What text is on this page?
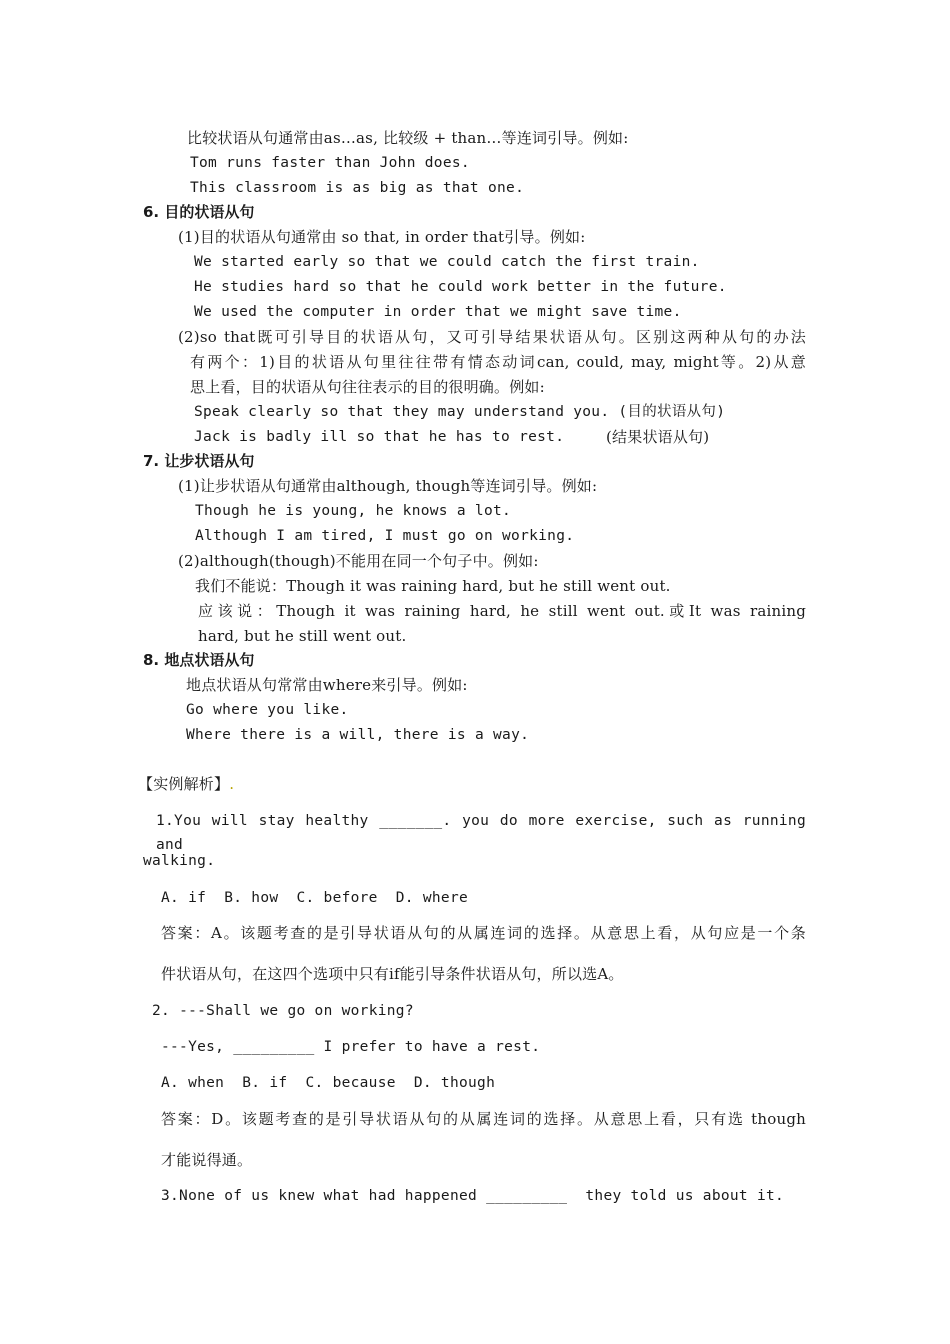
比较状语从句通常由as…as, 比较级 + than…等连词引导。例如:
Tom runs faster than John does.
This classroom is as big as that one.
6. 目的状语从句
(1)目的状语从句通常由 so that, in order that引导。例如:
We started early so that we could catch the first train.
He studies hard so that he could work better in the future.
We used the computer in order that we might save time.
(2)so that既可引导目的状语从句，又可引导结果状语从句。区别这两种从句的办法
有两个：1)目的状语从句里往往带有情态动词can, could, may, might等。2)从意
思上看，目的状语从句往往表示的目的很明确。例如:
Speak clearly so that they may understand you. (目的状语从句)
Jack is badly ill so that he has to rest.	(结果状语从句)
7. 让步状语从句
(1)让步状语从句通常由although, though等连词引导。例如:
Though he is young, he knows a lot.
Although I am tired, I must go on working.
(2)although(though)不能用在同一个句子中。例如:
我们不能说：Though it was raining hard, but he still went out.
应该说：Though it was raining hard, he still went out.或It was raining
hard, but he still went out.
8. 地点状语从句
地点状语从句常常由where来引导。例如:
Go where you like.
Where there is a will, there is a way.
【实例解析】.
1.You will stay healthy _______. you do more exercise, such as running and
walking.
A. if  B. how  C. before  D. where
答案：A。该题考查的是引导状语从句的从属连词的选择。从意思上看，从句应是一个条
件状语从句，在这四个选项中只有if能引导条件状语从句，所以选A。
2. ---Shall we go on working?
---Yes, _________ I prefer to have a rest.
A. when  B. if  C. because  D. though
答案：D。该题考查的是引导状语从句的从属连词的选择。从意思上看，只有选 though
才能说得通。
3.None of us knew what had happened _________  they told us about it.
